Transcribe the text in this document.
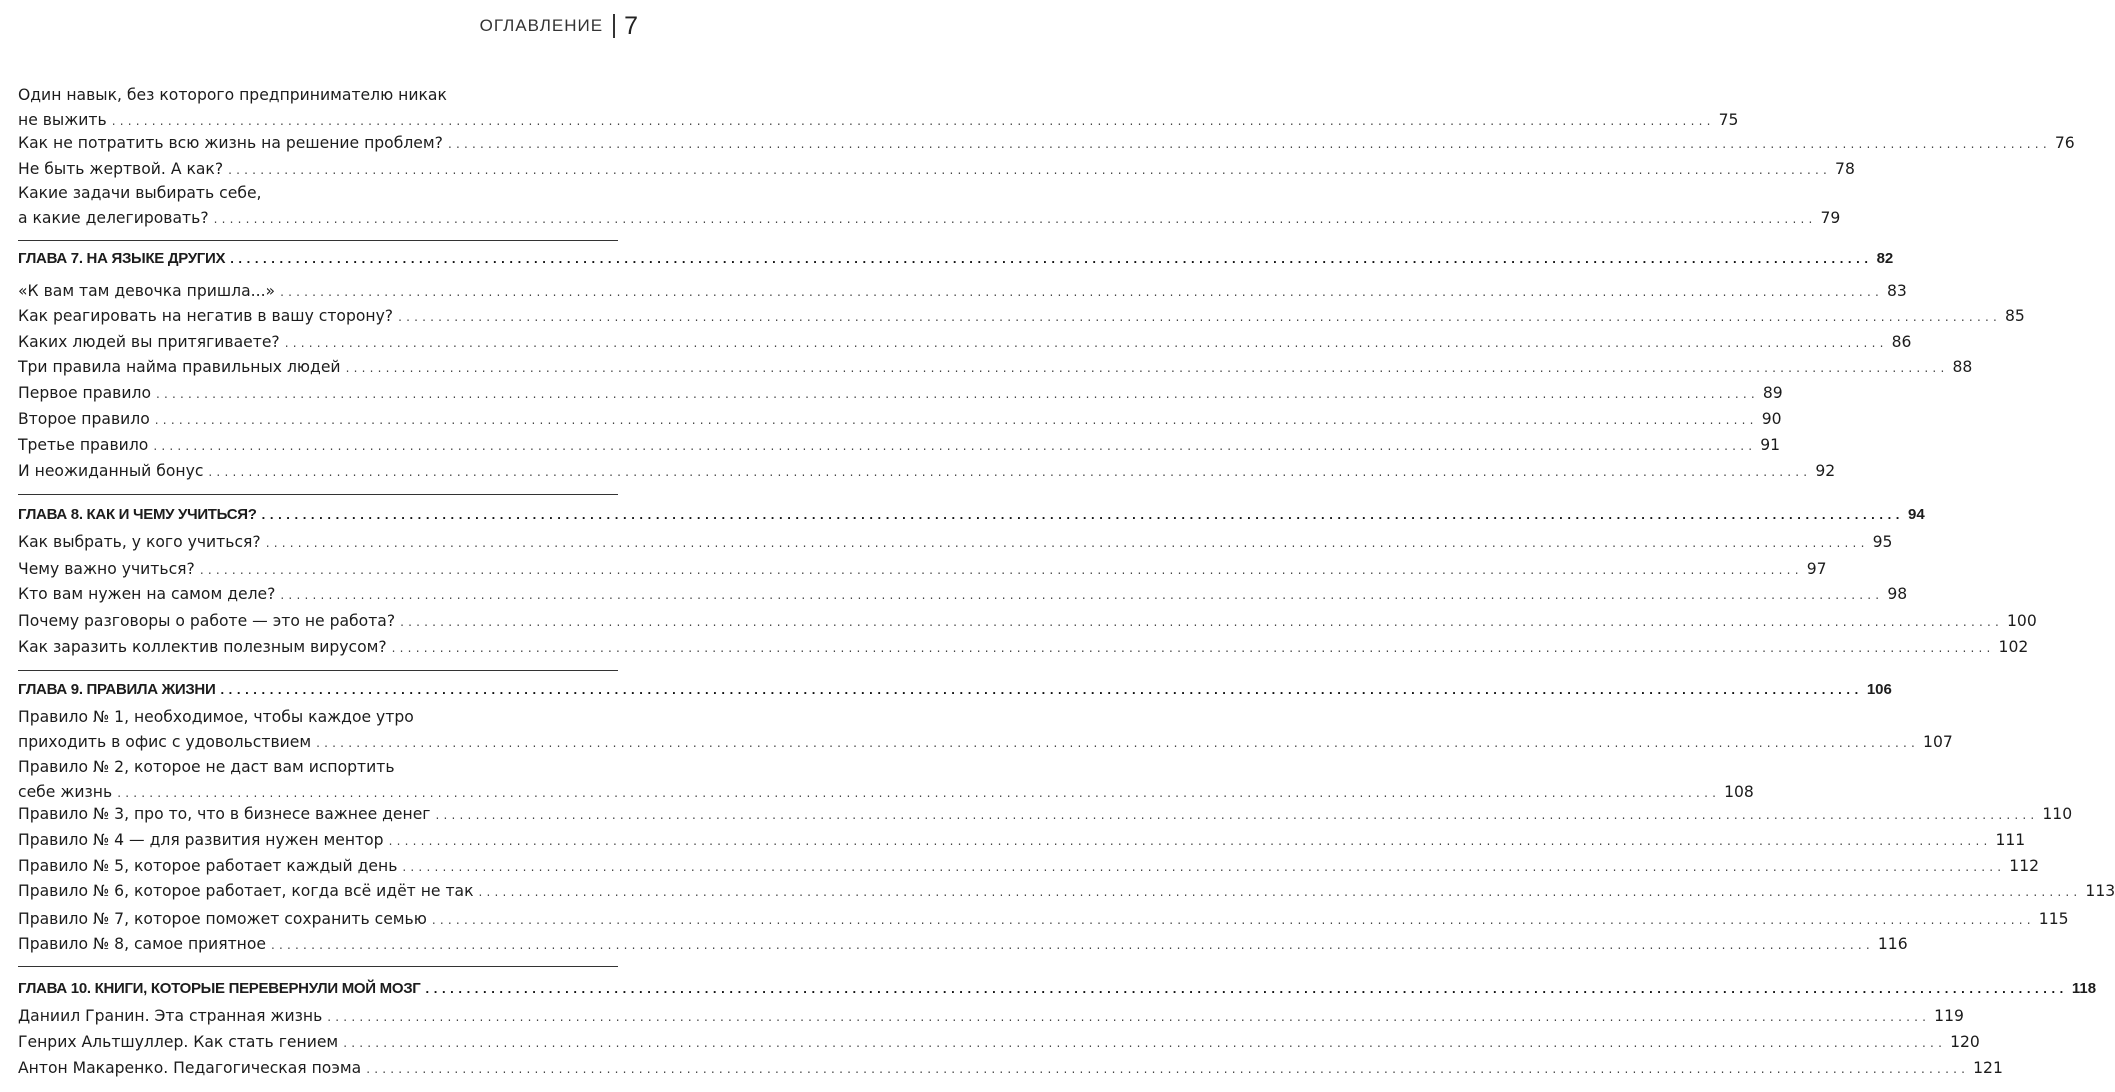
ОГЛАВЛЕНИЕ 7
Один навык, без которого предпринимателю никак
не выжить ........................................................................................................................................................................................................ 75
Как не потратить всю жизнь на решение проблем? ........................................................................................................................................................................................................ 76
Не быть жертвой. А как? ........................................................................................................................................................................................................ 78
Какие задачи выбирать себе,
а какие делегировать? ........................................................................................................................................................................................................ 79
ГЛАВА 7. НА ЯЗЫКЕ ДРУГИХ ........................................................................................................................................................................................................ 82
«К вам там девочка пришла...» ........................................................................................................................................................................................................ 83
Как реагировать на негатив в вашу сторону? ........................................................................................................................................................................................................ 85
Каких людей вы притягиваете? ........................................................................................................................................................................................................ 86
Три правила найма правильных людей ........................................................................................................................................................................................................ 88
Первое правило ........................................................................................................................................................................................................ 89
Второе правило ........................................................................................................................................................................................................ 90
Третье правило ........................................................................................................................................................................................................ 91
И неожиданный бонус ........................................................................................................................................................................................................ 92
ГЛАВА 8. КАК И ЧЕМУ УЧИТЬСЯ? ........................................................................................................................................................................................................ 94
Как выбрать, у кого учиться? ........................................................................................................................................................................................................ 95
Чему важно учиться? ........................................................................................................................................................................................................ 97
Кто вам нужен на самом деле? ........................................................................................................................................................................................................ 98
Почему разговоры о работе — это не работа? ........................................................................................................................................................................................................ 100
Как заразить коллектив полезным вирусом? ........................................................................................................................................................................................................ 102
ГЛАВА 9. ПРАВИЛА ЖИЗНИ ........................................................................................................................................................................................................ 106
Правило № 1, необходимое, чтобы каждое утро
приходить в офис с удовольствием ........................................................................................................................................................................................................ 107
Правило № 2, которое не даст вам испортить
себе жизнь ........................................................................................................................................................................................................ 108
Правило № 3, про то, что в бизнесе важнее денег ........................................................................................................................................................................................................ 110
Правило № 4 — для развития нужен ментор ........................................................................................................................................................................................................ 111
Правило № 5, которое работает каждый день ........................................................................................................................................................................................................ 112
Правило № 6, которое работает, когда всё идёт не так ........................................................................................................................................................................................................ 113
Правило № 7, которое поможет сохранить семью ........................................................................................................................................................................................................ 115
Правило № 8, самое приятное ........................................................................................................................................................................................................ 116
ГЛАВА 10. КНИГИ, КОТОРЫЕ ПЕРЕВЕРНУЛИ МОЙ МОЗГ ........................................................................................................................................................................................................ 118
Даниил Гранин. Эта странная жизнь ........................................................................................................................................................................................................ 119
Генрих Альтшуллер. Как стать гением ........................................................................................................................................................................................................ 120
Антон Макаренко. Педагогическая поэма ........................................................................................................................................................................................................ 121
